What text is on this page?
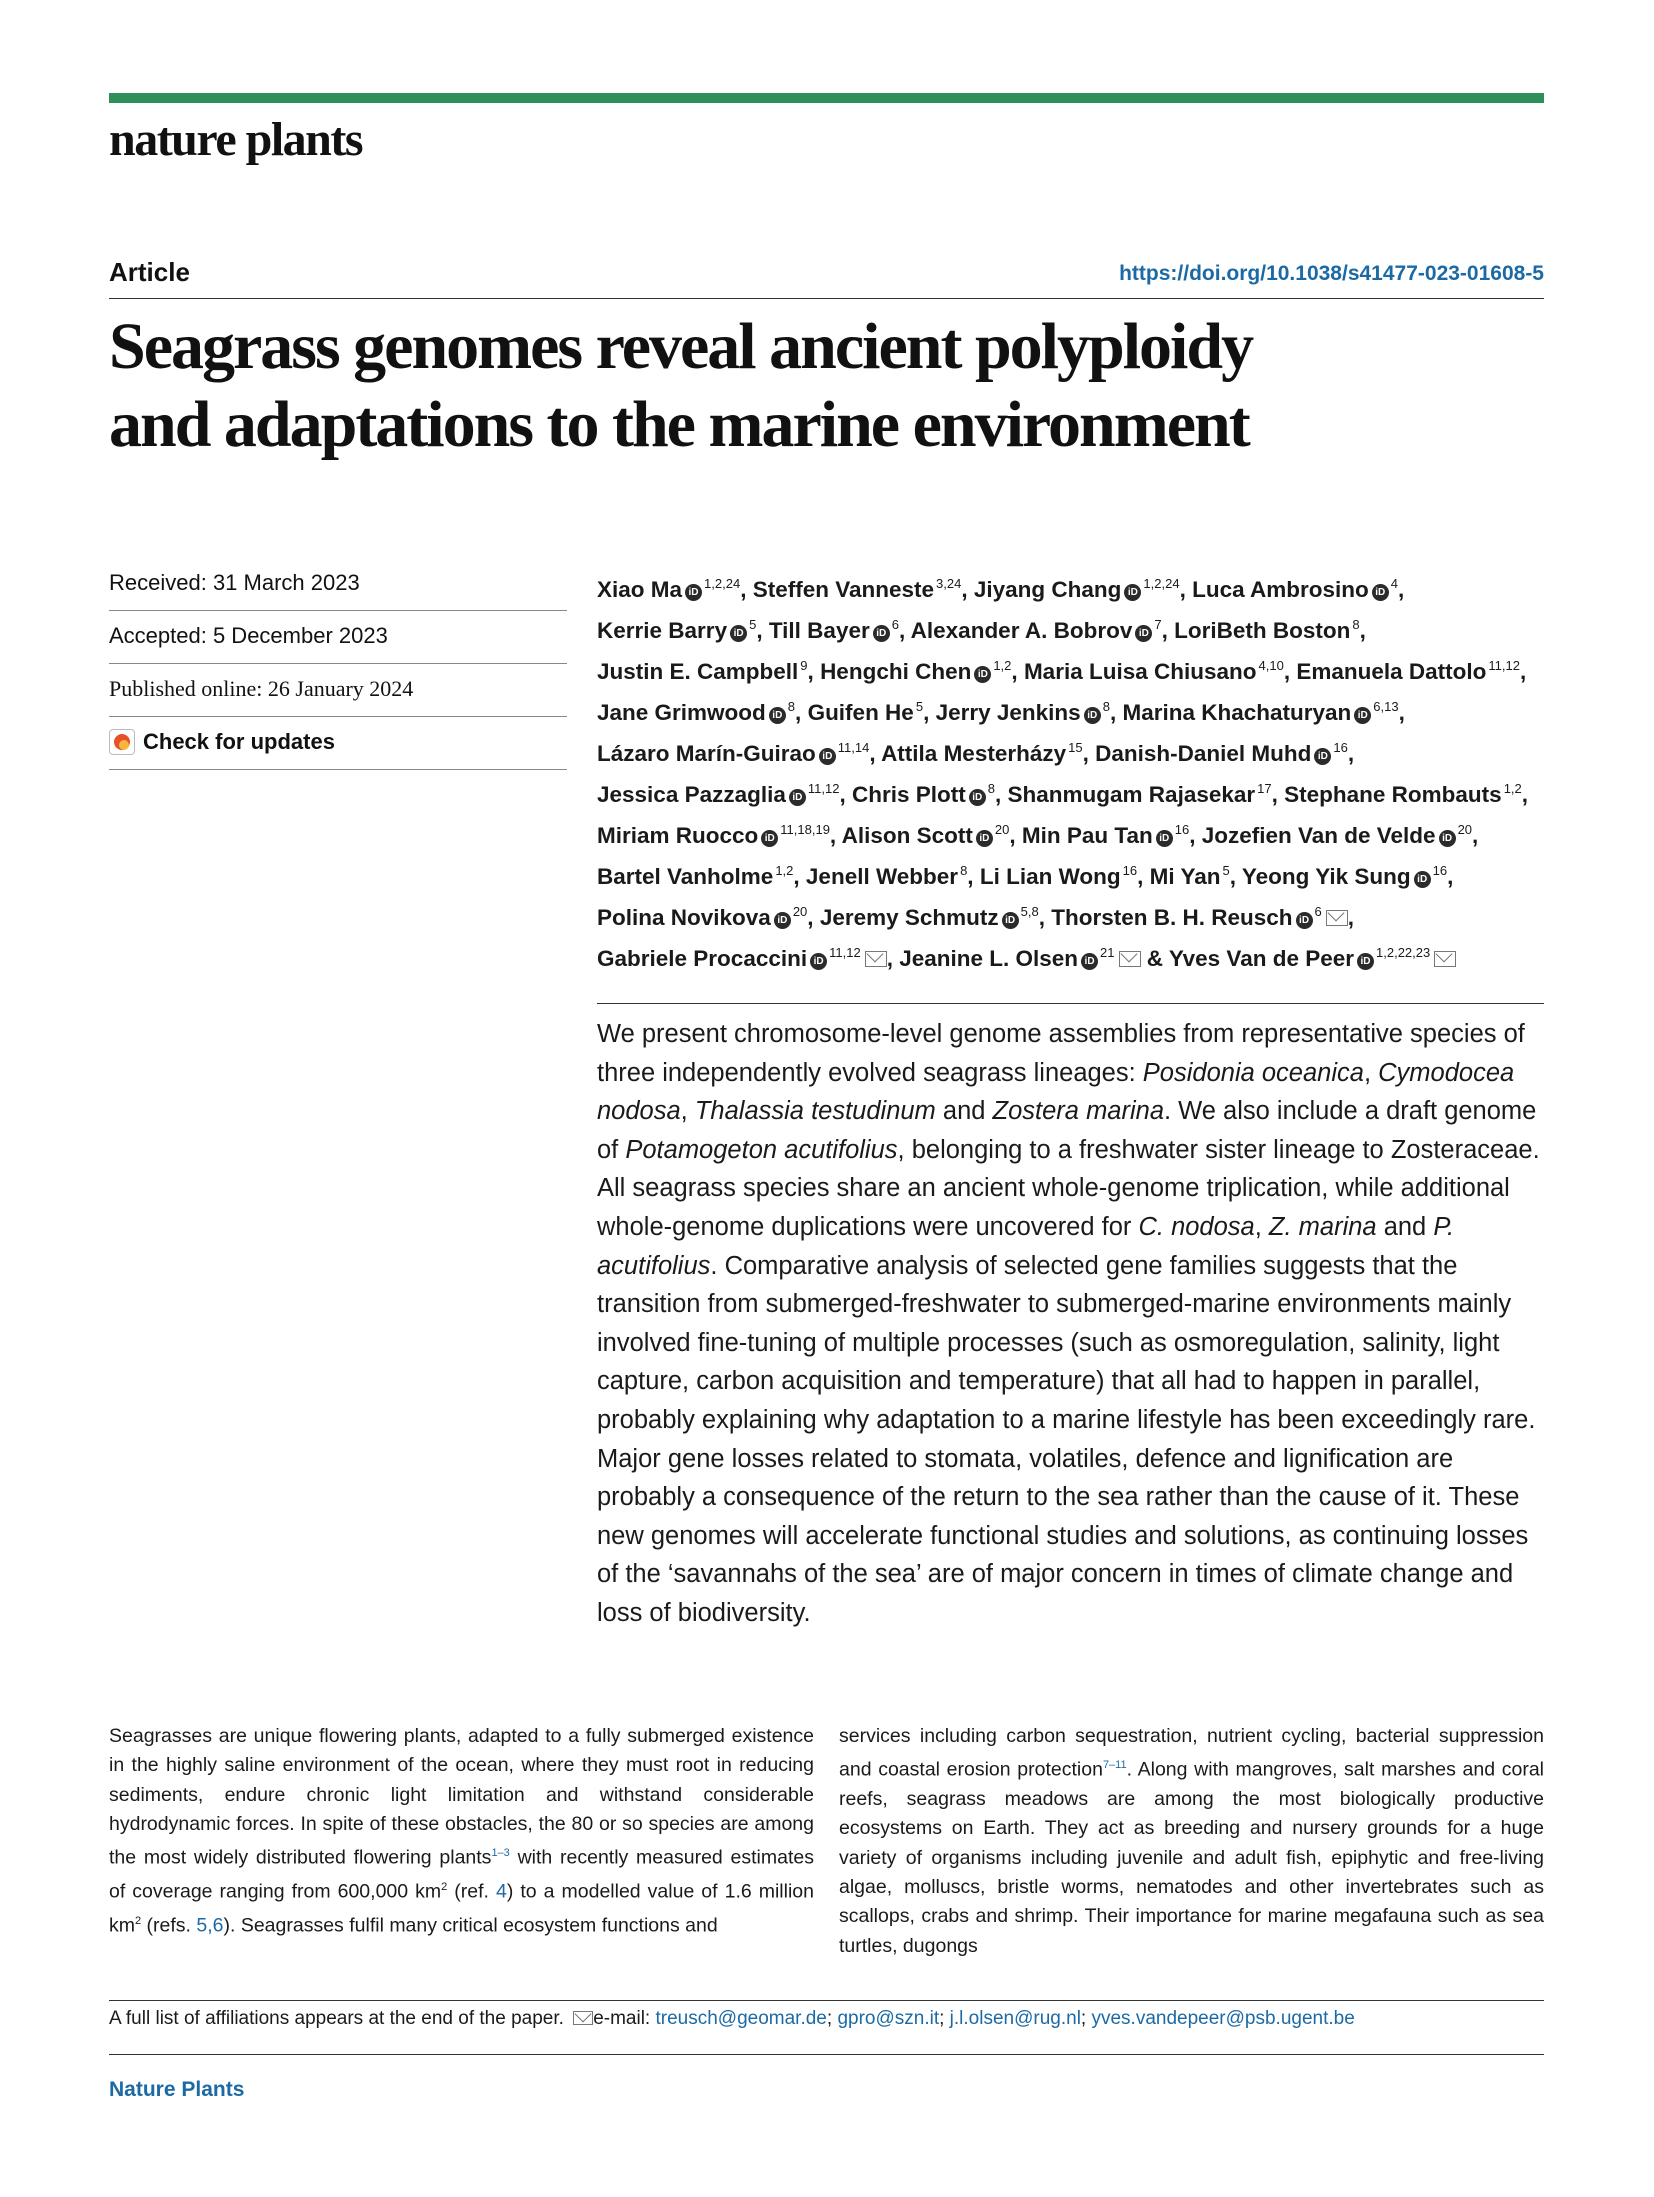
nature plants
Article	https://doi.org/10.1038/s41477-023-01608-5
Seagrass genomes reveal ancient polyploidy
and adaptations to the marine environment
Received: 31 March 2023
Accepted: 5 December 2023
Published online: 26 January 2024
Check for updates
Xiao Ma iD$^{1,2,24}$, Steffen Vanneste $^{3,24}$, Jiyang Chang iD$^{1,2,24}$, Luca Ambrosino iD$^4$, Kerrie Barry iD$^5$, Till Bayer iD$^6$, Alexander A. Bobrov iD$^7$, LoriBeth Boston $^8$, Justin E. Campbell $^9$, Hengchi Chen iD$^{1,2}$, Maria Luisa Chiusano $^{4,10}$, Emanuela Dattolo $^{11,12}$, Jane Grimwood iD$^8$, Guifen He $^5$, Jerry Jenkins iD$^8$, Marina Khachaturyan iD$^{6,13}$, Lázaro Marín-Guirao iD$^{11,14}$, Attila Mesterházy $^{15}$, Danish-Daniel Muhd iD$^{16}$, Jessica Pazzaglia iD$^{11,12}$, Chris Plott iD$^8$, Shanmugam Rajasekar $^{17}$, Stephane Rombauts $^{1,2}$, Miriam Ruocco iD$^{11,18,19}$, Alison Scott iD$^{20}$, Min Pau Tan iD$^{16}$, Jozefien Van de Velde iD$^{20}$, Bartel Vanholme $^{1,2}$, Jenell Webber $^8$, Li Lian Wong $^{16}$, Mi Yan $^5$, Yeong Yik Sung iD$^{16}$, Polina Novikova iD$^{20}$, Jeremy Schmutz iD$^{5,8}$, Thorsten B. H. Reusch iD$^6$ , Gabriele Procaccini iD$^{11,12}$ , Jeanine L. Olsen iD$^{21}$ & Yves Van de Peer iD$^{1,2,22,23}$

We present chromosome-level genome assemblies from representative species of three independently evolved seagrass lineages: Posidonia oceanica, Cymodocea nodosa, Thalassia testudinum and Zostera marina. We also include a draft genome of Potamogeton acutifolius, belonging to a freshwater sister lineage to Zosteraceae. All seagrass species share an ancient whole-genome triplication, while additional whole-genome duplications were uncovered for C. nodosa, Z. marina and P. acutifolius. Comparative analysis of selected gene families suggests that the transition from submerged-freshwater to submerged-marine environments mainly involved fine-tuning of multiple processes (such as osmoregulation, salinity, light capture, carbon acquisition and temperature) that all had to happen in parallel, probably explaining why adaptation to a marine lifestyle has been exceedingly rare. Major gene losses related to stomata, volatiles, defence and lignification are probably a consequence of the return to the sea rather than the cause of it. These new genomes will accelerate functional studies and solutions, as continuing losses of the ‘savannahs of the sea’ are of major concern in times of climate change and loss of biodiversity.

Seagrasses are unique flowering plants, adapted to a fully submerged existence in the highly saline environment of the ocean, where they must root in reducing sediments, endure chronic light limitation and withstand considerable hydrodynamic forces. In spite of these obstacles, the 80 or so species are among the most widely distributed flowering plants$^{1-3}$ with recently measured estimates of coverage ranging from 600,000 $km^2$ (ref. 4) to a modelled value of 1.6 million $km^2$ (refs. 5,6). Seagrasses fulfil many critical ecosystem functions and

services including carbon sequestration, nutrient cycling, bacterial suppression and coastal erosion protection$^{7-11}$. Along with mangroves, salt marshes and coral reefs, seagrass meadows are among the most biologically productive ecosystems on Earth. They act as breeding and nursery grounds for a huge variety of organisms including juvenile and adult fish, epiphytic and free-living algae, molluscs, bristle worms, nematodes and other invertebrates such as scallops, crabs and shrimp. Their importance for marine megafauna such as sea turtles, dugongs

A full list of affiliations appears at the end of the paper. e-mail: treusch@geomar.de; gpro@szn.it; j.l.olsen@rug.nl; yves.vandepeer@psb.ugent.be
Nature Plants
